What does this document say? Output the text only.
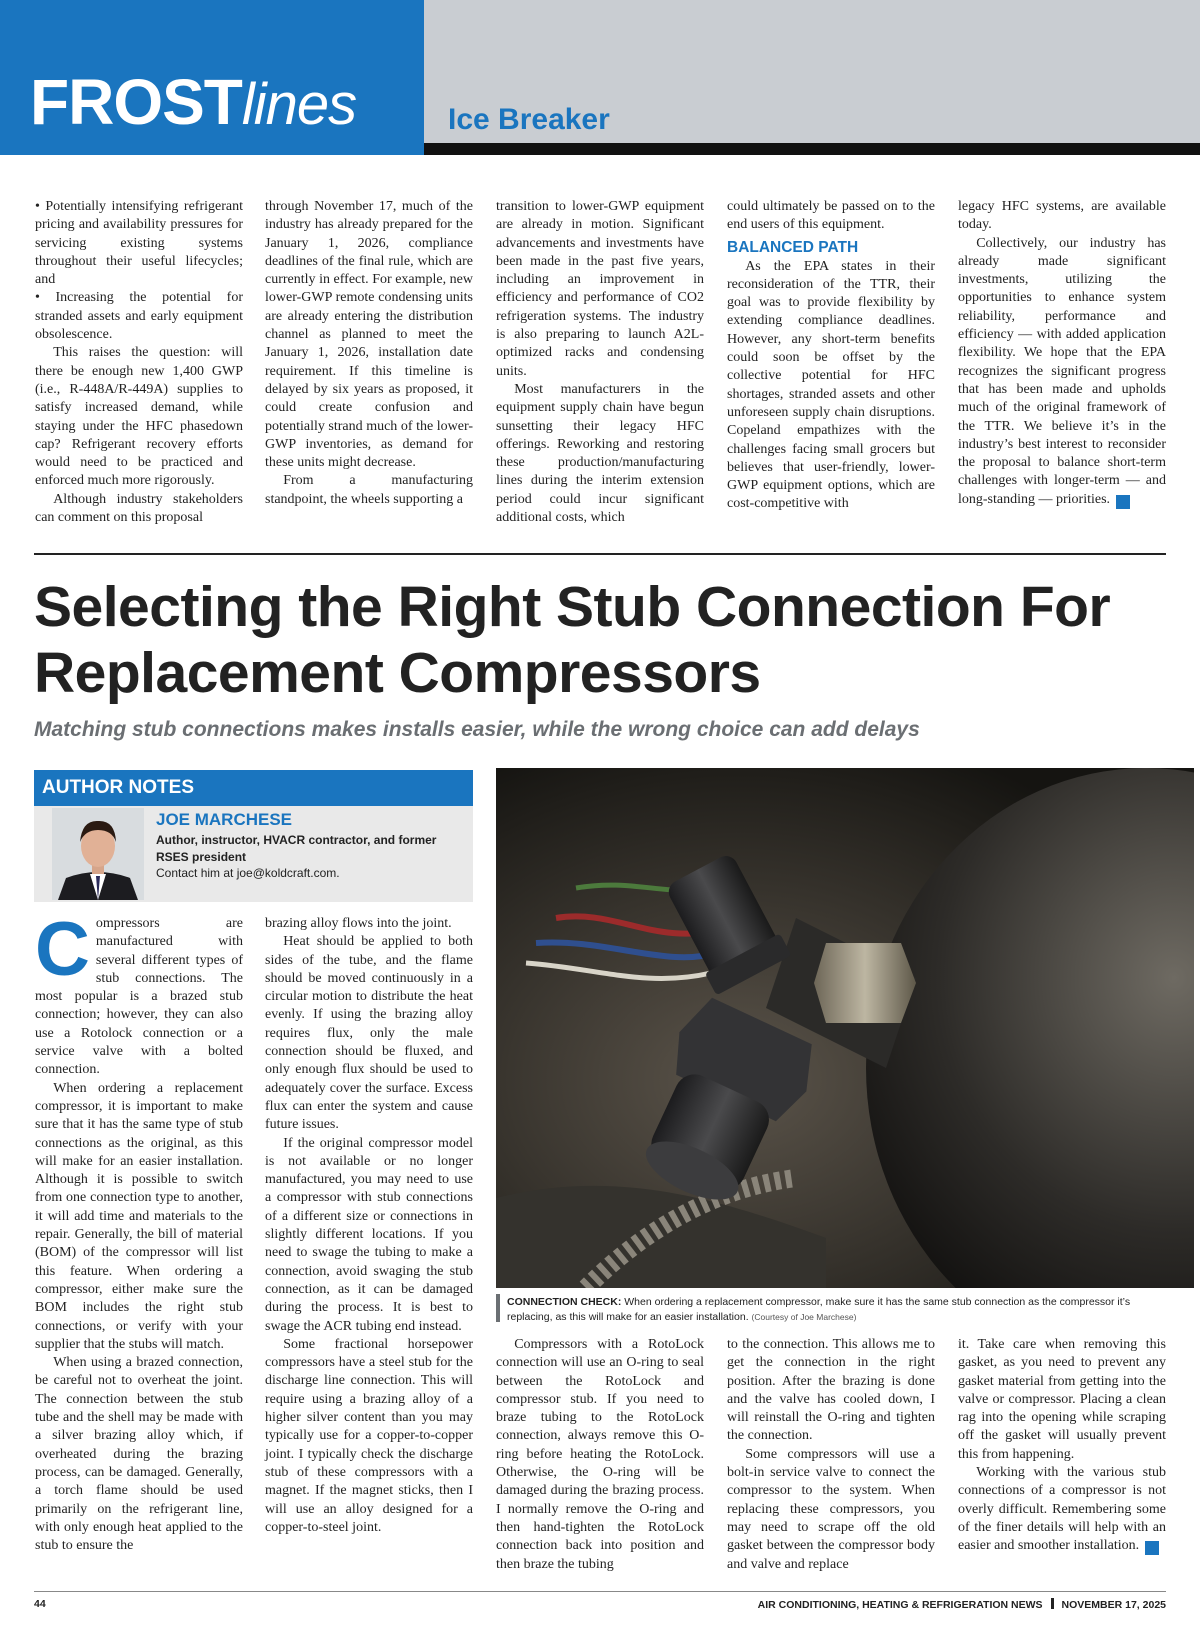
FROSTlines	Ice Breaker

• Potentially intensifying refrigerant pricing and availability pressures for servicing existing systems throughout their useful lifecycles; and

• Increasing the potential for stranded assets and early equipment obsolescence.

This raises the question: will there be enough new 1,400 GWP (i.e., R-448A/R-449A) supplies to satisfy increased demand, while staying under the HFC phasedown cap? Refrigerant recovery efforts would need to be practiced and enforced much more rigorously.

Although industry stakeholders can comment on this proposal

through November 17, much of the industry has already prepared for the January 1, 2026, compliance deadlines of the final rule, which are currently in effect. For example, new lower-GWP remote condensing units are already entering the distribution channel as planned to meet the January 1, 2026, installation date requirement. If this timeline is delayed by six years as proposed, it could create confusion and potentially strand much of the lower-GWP inventories, as demand for these units might decrease.

From a manufacturing standpoint, the wheels supporting a

transition to lower-GWP equipment are already in motion. Significant advancements and investments have been made in the past five years, including an improvement in efficiency and performance of CO2 refrigeration systems. The industry is also preparing to launch A2L-optimized racks and condensing units.

Most manufacturers in the equipment supply chain have begun sunsetting their legacy HFC offerings. Reworking and restoring these production/manufacturing lines during the interim extension period could incur significant additional costs, which

could ultimately be passed on to the end users of this equipment.

BALANCED PATH

As the EPA states in their reconsideration of the TTR, their goal was to provide flexibility by extending compliance deadlines. However, any short-term benefits could soon be offset by the collective potential for HFC shortages, stranded assets and other unforeseen supply chain disruptions. Copeland empathizes with the challenges facing small grocers but believes that user-friendly, lower-GWP equipment options, which are cost-competitive with

legacy HFC systems, are available today.

Collectively, our industry has already made significant investments, utilizing the opportunities to enhance system reliability, performance and efficiency — with added application flexibility. We hope that the EPA recognizes the significant progress that has been made and upholds much of the original framework of the TTR. We believe it’s in the industry’s best interest to reconsider the proposal to balance short-term challenges with longer-term — and long-standing — priorities. N

Selecting the Right Stub Connection For Replacement Compressors
Matching stub connections makes installs easier, while the wrong choice can add delays
AUTHOR NOTES
JOE MARCHESE
Author, instructor, HVACR contractor, and former RSES president
Contact him at joe@koldcraft.com.

Compressors are manufactured with several different types of stub connections. The most popular is a brazed stub connection; however, they can also use a Rotolock connection or a service valve with a bolted connection.

When ordering a replacement compressor, it is important to make sure that it has the same type of stub connections as the original, as this will make for an easier installation. Although it is possible to switch from one connection type to another, it will add time and materials to the repair. Generally, the bill of material (BOM) of the compressor will list this feature. When ordering a compressor, either make sure the BOM includes the right stub connections, or verify with your supplier that the stubs will match.

When using a brazed connection, be careful not to overheat the joint. The connection between the stub tube and the shell may be made with a silver brazing alloy which, if overheated during the brazing process, can be damaged. Generally, a torch flame should be used primarily on the refrigerant line, with only enough heat applied to the stub to ensure the

brazing alloy flows into the joint.

Heat should be applied to both sides of the tube, and the flame should be moved continuously in a circular motion to distribute the heat evenly. If using the brazing alloy requires flux, only the male connection should be fluxed, and only enough flux should be used to adequately cover the surface. Excess flux can enter the system and cause future issues.

If the original compressor model is not available or no longer manufactured, you may need to use a compressor with stub connections of a different size or connections in slightly different locations. If you need to swage the tubing to make a connection, avoid swaging the stub connection, as it can be damaged during the process. It is best to swage the ACR tubing end instead.

Some fractional horsepower compressors have a steel stub for the discharge line connection. This will require using a brazing alloy of a higher silver content than you may typically use for a copper-to-copper joint. I typically check the discharge stub of these compressors with a magnet. If the magnet sticks, then I will use an alloy designed for a copper-to-steel joint.

CONNECTION CHECK: When ordering a replacement compressor, make sure it has the same stub connection as the compressor it’s replacing, as this will make for an easier installation. (Courtesy of Joe Marchese)

Compressors with a RotoLock connection will use an O-ring to seal between the RotoLock and compressor stub. If you need to braze tubing to the RotoLock connection, always remove this O-ring before heating the RotoLock. Otherwise, the O-ring will be damaged during the brazing process. I normally remove the O-ring and then hand-tighten the RotoLock connection back into position and then braze the tubing

to the connection. This allows me to get the connection in the right position. After the brazing is done and the valve has cooled down, I will reinstall the O-ring and tighten the connection.

Some compressors will use a bolt-in service valve to connect the compressor to the system. When replacing these compressors, you may need to scrape off the old gasket between the compressor body and valve and replace

it. Take care when removing this gasket, as you need to prevent any gasket material from getting into the valve or compressor. Placing a clean rag into the opening while scraping off the gasket will usually prevent this from happening.

Working with the various stub connections of a compressor is not overly difficult. Remembering some of the finer details will help with an easier and smoother installation. N

44	AIR CONDITIONING, HEATING & REFRIGERATION NEWS NOVEMBER 17, 2025
